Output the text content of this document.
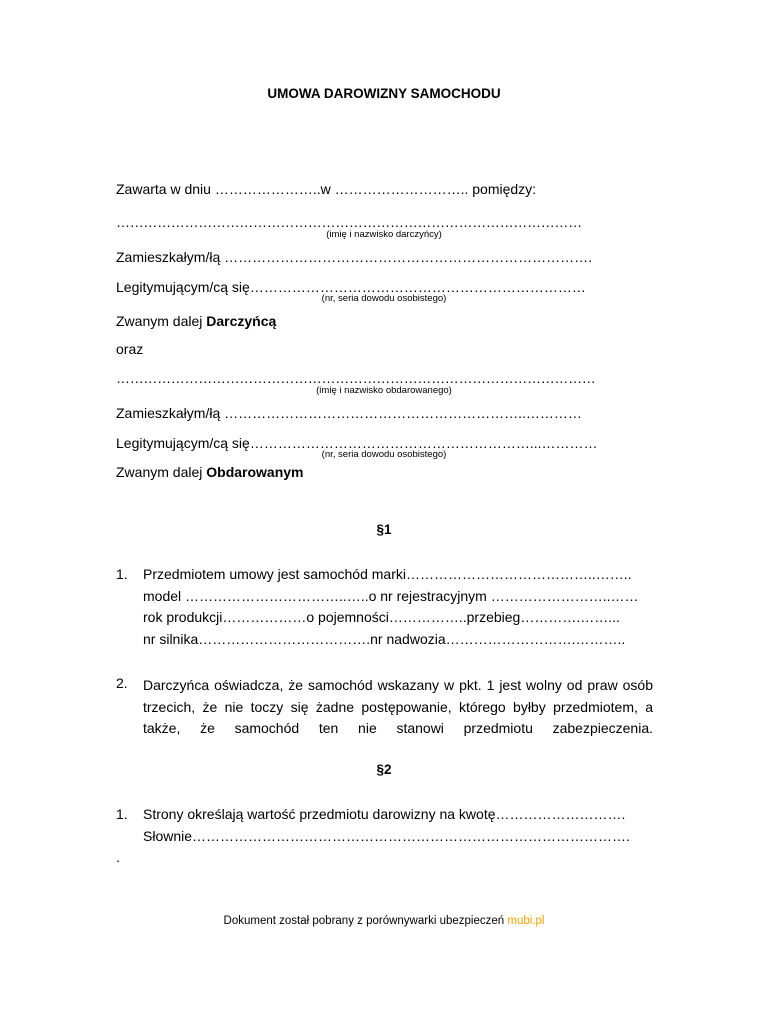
UMOWA DAROWIZNY SAMOCHODU
Zawarta w dniu …………………..w ……………………….. pomiędzy:
…………………………………………………………………………………………
(imię i nazwisko darczyńcy)
Zamieszkałym/łą …………………………………………………………………….
Legitymującym/cą się………………………………………………………………
(nr, seria dowodu osobistego)
Zwanym dalej Darczyńcą
oraz
……………………………………………………………………………………………
(imię i nazwisko obdarowanego)
Zamieszkałym/łą ………………………………………………………..…………
Legitymującym/cą się……………………………………………………...…………
(nr, seria dowodu osobistego)
Zwanym dalej Obdarowanym
§1
1. Przedmiotem umowy jest samochód marki…………………………………..……..
model ……………………………..…..o nr rejestracyjnym ……………………..……
rok produkcji………………o pojemności……………..przebieg………….……...
nr silnika……………………………….nr nadwozia……………………….………..
2. Darczyńca oświadcza, że samochód wskazany w pkt. 1 jest wolny od praw osób trzecich, że nie toczy się żadne postępowanie, którego byłby przedmiotem, a także, że samochód ten nie stanowi przedmiotu zabezpieczenia.
§2
1. Strony określają wartość przedmiotu darowizny na kwotę……………………….
Słownie………………………………………………………………………………….
.
Dokument został pobrany z porównywarki ubezpieczeń mubi.pl
